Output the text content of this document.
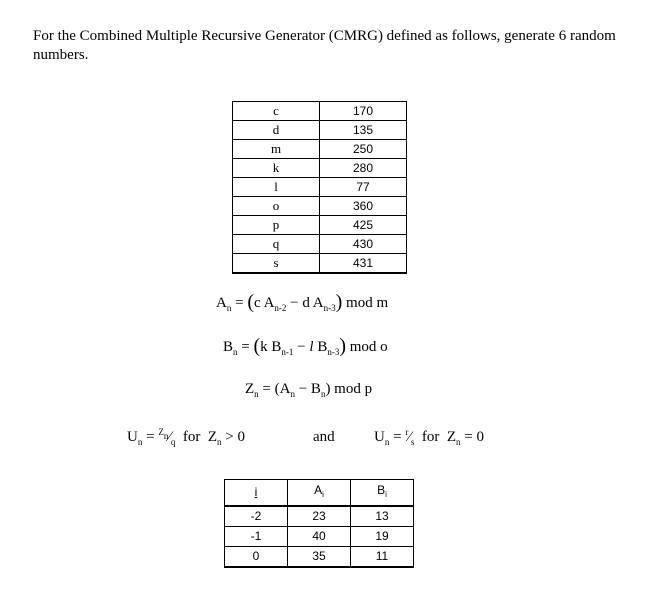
For the Combined Multiple Recursive Generator (CMRG) defined as follows, generate 6 random numbers.
c	170
d	135
m	250
k	280
l	77
o	360
p	425
q	430
s	431
$A_n = (c$ $A_{n-2} - d$ $A_{n-3}$) mod m
$B_n = (k$ $B_{n-1} - l$ $B_{n-3}$) mod o
$Z_n = (A_n - B_n)$ mod p
$U_n$ = $^{Z_n}⁄_q$  for  $Z_n > 0$	and	$U_n$ = $^r⁄_s$  for  $Z_n = 0$
i	$A_i$	$B_i$
-2	23	13
-1	40	19
0	35	11
